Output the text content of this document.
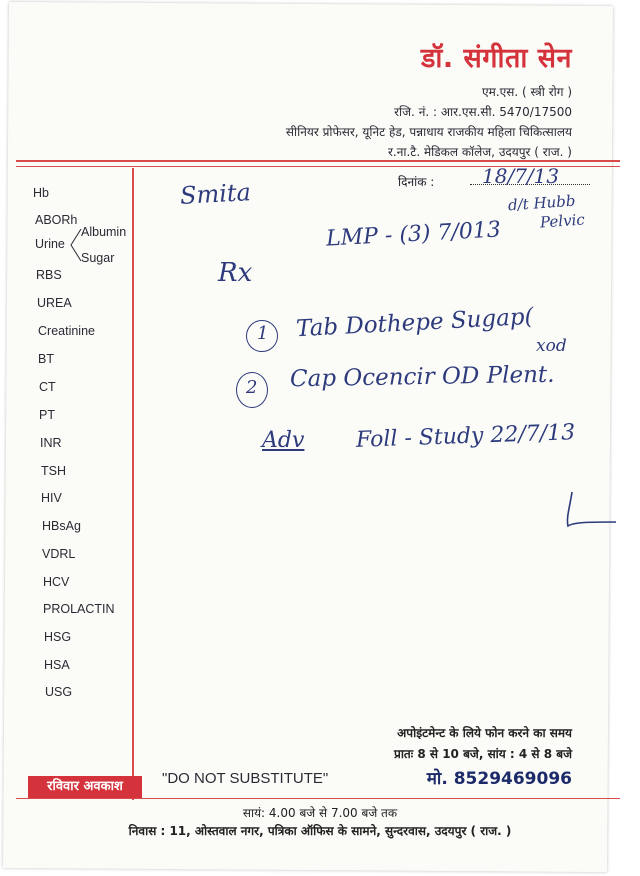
डॉ. संगीता सेन
एम.एस. ( स्त्री रोग )
रजि. नं. : आर.एस.सी. 5470/17500
सीनियर प्रोफेसर, यूनिट हेड, पन्नाधाय राजकीय महिला चिकित्सालय
र.ना.टै. मेडिकल कॉलेज, उदयपुर ( राज. )
Hb
ABORh
Urine
Albumin
Sugar
RBS
UREA
Creatinine
BT
CT
PT
INR
TSH
HIV
HBsAg
VDRL
HCV
PROLACTIN
HSG
HSA
USG
दिनांक : 18/7/13
Smita	d/t Hubb
Pelvic
LMP - (3) 7/013
Rx
1 Tab Dothepe Sugap(
xod
2 Cap Ocencir OD Plent.
Adv Foll - Study 22/7/13
अपोइंटमेन्ट के लिये फोन करने का समय
प्रातः 8 से 10 बजे, सांय : 4 से 8 बजे
मो. 8529469096
रविवार अवकाश	"DO NOT SUBSTITUTE"
सायं: 4.00 बजे से 7.00 बजे तक
निवास : 11, ओस्तवाल नगर, पत्रिका ऑफिस के सामने, सुन्दरवास, उदयपुर ( राज. )
